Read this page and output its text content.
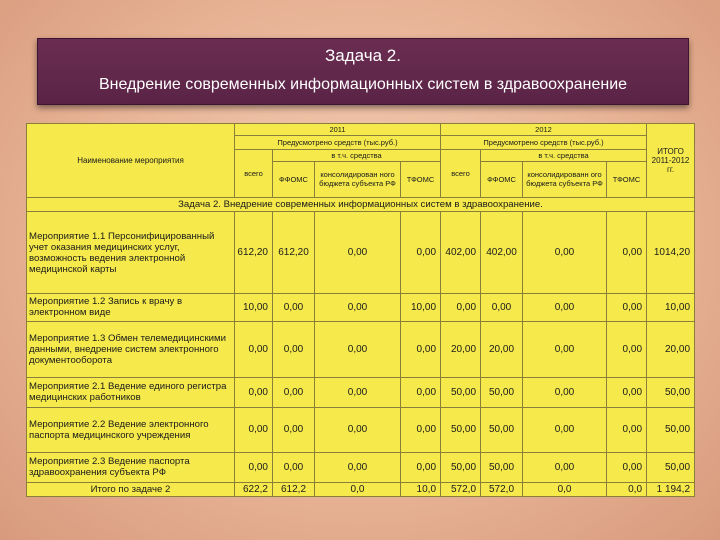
Задача 2.
Внедрение современных информационных систем в здравоохранение
Наименование мероприятия	2011				2012				ИТОГО 2011-2012 гг.
	Предусмотрено средств (тыс.руб.)				Предусмотрено средств (тыс.руб.)				
	всего	в т.ч. средства			всего	в т.ч. средства			
		ФФОМС	консолидирован ного бюджета субъекта РФ	ТФОМС		ФФОМС	консолидированн ого бюджета субъекта РФ	ТФОМС	

Задача 2. Внедрение современных информационных систем в здравоохранение.									
Мероприятие 1.1 Персонифицированный учет оказания медицинских услуг, возможность ведения электронной медицинской карты	612,20	612,20	0,00	0,00	402,00	402,00	0,00	0,00	1014,20
Мероприятие 1.2 Запись к врачу в электронном виде	10,00	0,00	0,00	10,00	0,00	0,00	0,00	0,00	10,00
Мероприятие 1.3 Обмен телемедицинскими данными, внедрение систем электронного документооборота	0,00	0,00	0,00	0,00	20,00	20,00	0,00	0,00	20,00
Мероприятие 2.1 Ведение единого регистра медицинских работников	0,00	0,00	0,00	0,00	50,00	50,00	0,00	0,00	50,00
Мероприятие 2.2 Ведение электронного паспорта медицинского учреждения	0,00	0,00	0,00	0,00	50,00	50,00	0,00	0,00	50,00
Мероприятие 2.3 Ведение паспорта здравоохранения субъекта РФ	0,00	0,00	0,00	0,00	50,00	50,00	0,00	0,00	50,00
Итого по задаче 2	622,2	612,2	0,0	10,0	572,0	572,0	0,0	0,0	1 194,2
